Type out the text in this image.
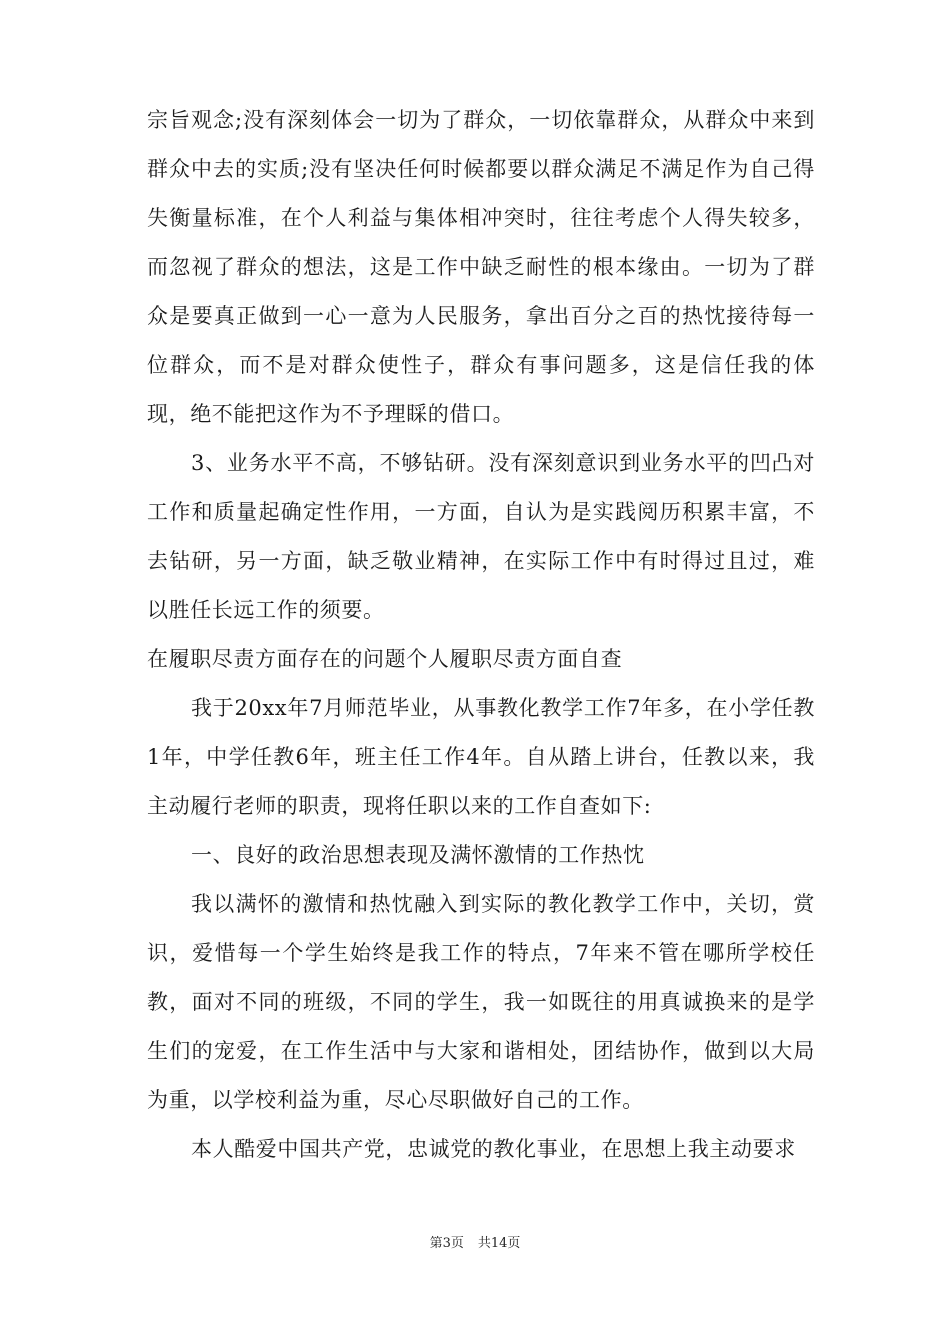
宗旨观念;没有深刻体会一切为了群众，一切依靠群众，从群众中来到群众中去的实质;没有坚决任何时候都要以群众满足不满足作为自己得失衡量标准，在个人利益与集体相冲突时，往往考虑个人得失较多，而忽视了群众的想法，这是工作中缺乏耐性的根本缘由。一切为了群众是要真正做到一心一意为人民服务，拿出百分之百的热忱接待每一位群众，而不是对群众使性子，群众有事问题多，这是信任我的体现，绝不能把这作为不予理睬的借口。

3、业务水平不高，不够钻研。没有深刻意识到业务水平的凹凸对工作和质量起确定性作用，一方面，自认为是实践阅历积累丰富，不去钻研，另一方面，缺乏敬业精神，在实际工作中有时得过且过，难以胜任长远工作的须要。

在履职尽责方面存在的问题个人履职尽责方面自查

我于20xx年7月师范毕业，从事教化教学工作7年多，在小学任教1年，中学任教6年，班主任工作4年。自从踏上讲台，任教以来，我主动履行老师的职责，现将任职以来的工作自查如下:

一、良好的政治思想表现及满怀激情的工作热忱

我以满怀的激情和热忱融入到实际的教化教学工作中，关切，赏识，爱惜每一个学生始终是我工作的特点，7年来不管在哪所学校任教，面对不同的班级，不同的学生，我一如既往的用真诚换来的是学生们的宠爱，在工作生活中与大家和谐相处，团结协作，做到以大局为重，以学校利益为重，尽心尽职做好自己的工作。

本人酷爱中国共产党，忠诚党的教化事业，在思想上我主动要求

第3页 共14页
